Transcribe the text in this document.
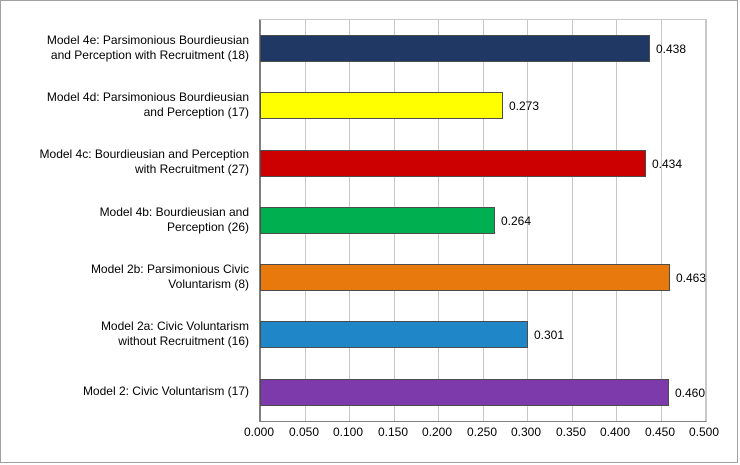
Model 4e: Parsimonious Bourdieusian
and Perception with Recruitment (18)
Model 4d: Parsimonious Bourdieusian
and Perception (17)
Model 4c: Bourdieusian and Perception
with Recruitment (27)
Model 4b: Bourdieusian and
Perception (26)
Model 2b: Parsimonious Civic
Voluntarism (8)
Model 2a: Civic Voluntarism
without Recruitment (16)
Model 2: Civic Voluntarism (17)
0.438
0.273
0.434
0.264
0.463
0.301
0.460
0.000 0.050 0.100 0.150 0.200 0.250 0.300 0.350 0.400 0.450 0.500
